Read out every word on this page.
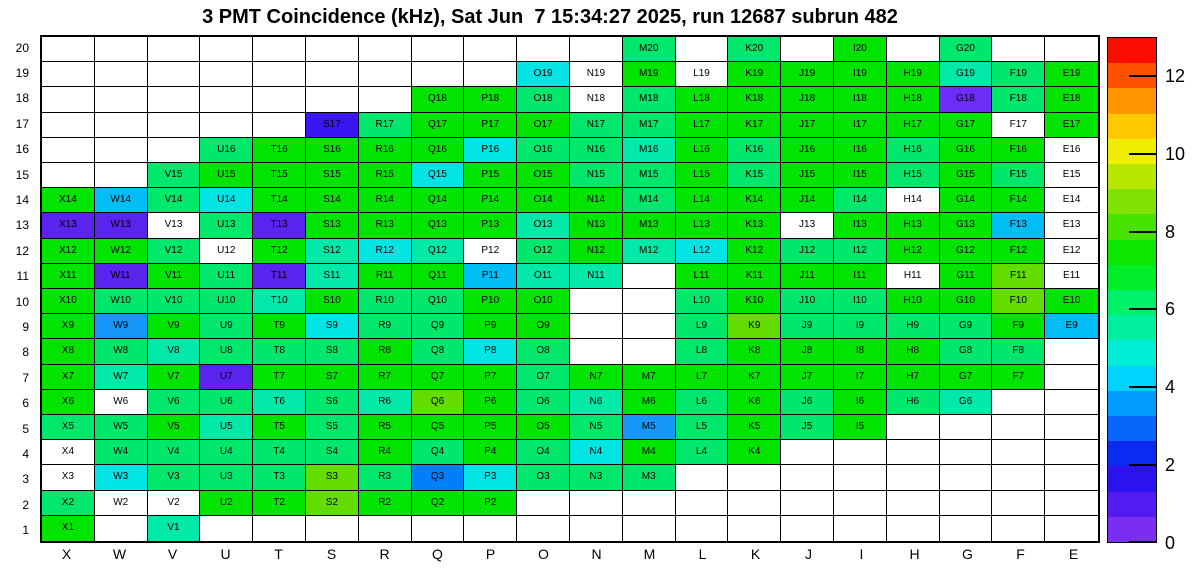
3 PMT Coincidence (kHz), Sat Jun  7 15:34:27 2025, run 12687 subrun 482
20
19
18
17
16
15
14
13
12
11
10
9
8
7
6
5
4
3
2
1
M20	K20	I20	G20
O19	N19	M19	L19	K19	J19	I19	H19	G19	F19	E19
Q18	P18	O18	N18	M18	L18	K18	J18	I18	H18	G18	F18	E18
S17	R17	Q17	P17	O17	N17	M17	L17	K17	J17	I17	H17	G17	F17	E17
U16	T16	S16	R16	Q16	P16	O16	N16	M16	L16	K16	J16	I16	H16	G16	F16	E16
V15	U15	T15	S15	R15	Q15	P15	O15	N15	M15	L15	K15	J15	I15	H15	G15	F15	E15
X14	W14	V14	U14	T14	S14	R14	Q14	P14	O14	N14	M14	L14	K14	J14	I14	H14	G14	F14	E14
X13	W13	V13	U13	T13	S13	R13	Q13	P13	O13	N13	M13	L13	K13	J13	I13	H13	G13	F13	E13
X12	W12	V12	U12	T12	S12	R12	Q12	P12	O12	N12	M12	L12	K12	J12	I12	H12	G12	F12	E12
X11	W11	V11	U11	T11	S11	R11	Q11	P11	O11	N11	L11	K11	J11	I11	H11	G11	F11	E11
X10	W10	V10	U10	T10	S10	R10	Q10	P10	O10	L10	K10	J10	I10	H10	G10	F10	E10
X9	W9	V9	U9	T9	S9	R9	Q9	P9	O9	L9	K9	J9	I9	H9	G9	F9	E9
X8	W8	V8	U8	T8	S8	R8	Q8	P8	O8	L8	K8	J8	I8	H8	G8	F8
X7	W7	V7	U7	T7	S7	R7	Q7	P7	O7	N7	M7	L7	K7	J7	I7	H7	G7	F7
X6	W6	V6	U6	T6	S6	R6	Q6	P6	O6	N6	M6	L6	K6	J6	I6	H6	G6
X5	W5	V5	U5	T5	S5	R5	Q5	P5	O5	N5	M5	L5	K5	J5	I5
X4	W4	V4	U4	T4	S4	R4	Q4	P4	O4	N4	M4	L4	K4
X3	W3	V3	U3	T3	S3	R3	Q3	P3	O3	N3	M3
X2	W2	V2	U2	T2	S2	R2	Q2	P2
X1	V1
X	W	V	U	T	S	R	Q	P	O	N	M	L	K	J	I	H	G	F	E
0
2
4
6
8
10
12
